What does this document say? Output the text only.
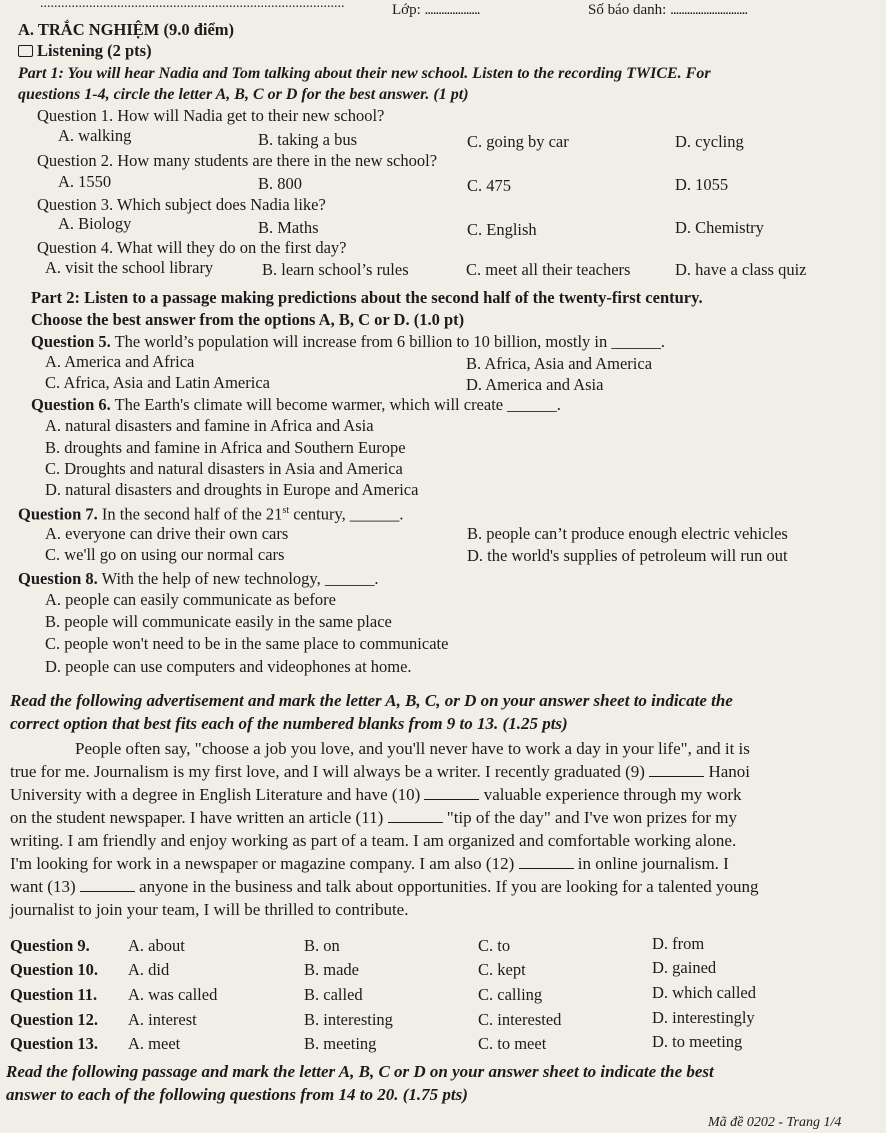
.......................................................................................	Lớp: ....................	Số báo danh: ............................
A. TRẮC NGHIỆM (9.0 điểm)
Listening (2 pts)
Part 1: You will hear Nadia and Tom talking about their new school. Listen to the recording TWICE. For
questions 1-4, circle the letter A, B, C or D for the best answer. (1 pt)
Question 1. How will Nadia get to their new school?
A. walking	B. taking a bus	C. going by car	D. cycling
Question 2. How many students are there in the new school?
A. 1550	B. 800	C. 475	D. 1055
Question 3. Which subject does Nadia like?
A. Biology	B. Maths	C. English	D. Chemistry
Question 4. What will they do on the first day?
A. visit the school library	B. learn school’s rules	C. meet all their teachers	D. have a class quiz
Part 2: Listen to a passage making predictions about the second half of the twenty-first century.
Choose the best answer from the options A, B, C or D. (1.0 pt)
Question 5. The world’s population will increase from 6 billion to 10 billion, mostly in ______.
A. America and Africa	B. Africa, Asia and America
C. Africa, Asia and Latin America	D. America and Asia
Question 6. The Earth's climate will become warmer, which will create ______.
A. natural disasters and famine in Africa and Asia
B. droughts and famine in Africa and Southern Europe
C. Droughts and natural disasters in Asia and America
D. natural disasters and droughts in Europe and America
Question 7. In the second half of the 21st century, ______.
A. everyone can drive their own cars	B. people can’t produce enough electric vehicles
C. we'll go on using our normal cars	D. the world's supplies of petroleum will run out
Question 8. With the help of new technology, ______.
A. people can easily communicate as before
B. people will communicate easily in the same place
C. people won't need to be in the same place to communicate
D. people can use computers and videophones at home.
Read the following advertisement and mark the letter A, B, C, or D on your answer sheet to indicate the
correct option that best fits each of the numbered blanks from 9 to 13. (1.25 pts)
People often say, "choose a job you love, and you'll never have to work a day in your life", and it is
true for me. Journalism is my first love, and I will always be a writer. I recently graduated (9)	Hanoi
University with a degree in English Literature and have (10)	valuable experience through my work
on the student newspaper. I have written an article (11)	"tip of the day" and I've won prizes for my
writing. I am friendly and enjoy working as part of a team. I am organized and comfortable working alone.
I'm looking for work in a newspaper or magazine company. I am also (12)	in online journalism. I
want (13)	anyone in the business and talk about opportunities. If you are looking for a talented young
journalist to join your team, I will be thrilled to contribute.
Question 9. A. about	B. on	C. to	D. from
Question 10. A. did	B. made	C. kept	D. gained
Question 11. A. was called	B. called	C. calling	D. which called
Question 12. A. interest	B. interesting	C. interested	D. interestingly
Question 13. A. meet	B. meeting	C. to meet	D. to meeting
Read the following passage and mark the letter A, B, C or D on your answer sheet to indicate the best
answer to each of the following questions from 14 to 20. (1.75 pts)
Mã đề 0202 - Trang 1/4
